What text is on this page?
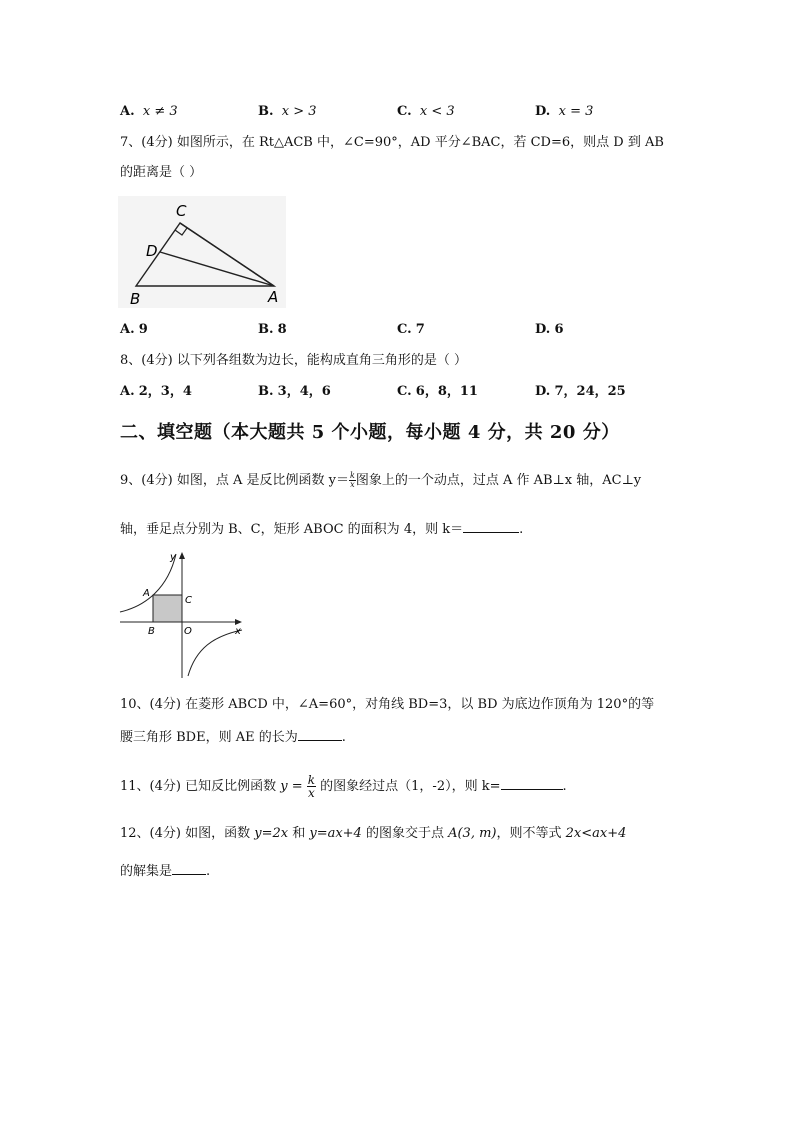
A. x ≠ 3	B. x > 3	C. x < 3	D. x = 3
7、(4分) 如图所示，在 Rt△ACB 中，∠C=90°，AD 平分∠BAC，若 CD=6，则点 D 到 AB
的距离是（ ）
C
D
B	A
A. 9	B. 8	C. 7	D. 6
8、(4分) 以下列各组数为边长，能构成直角三角形的是（ ）
A. 2，3，4	B. 3，4，6	C. 6，8，11	D. 7，24，25
二、填空题（本大题共 5 个小题，每小题 4 分，共 20 分）
9、(4分) 如图，点 A 是反比例函数 $y= \frac{k}{x}$ 图象上的一个动点，过点 A 作 AB⊥x 轴，AC⊥y
轴，垂足点分别为 B、C，矩形 ABOC 的面积为 4，则 k＝	.
y
x
A
C
B	O
10、(4分) 在菱形 ABCD 中，∠A=60°，对角线 BD=3，以 BD 为底边作顶角为 120°的等
腰三角形 BDE，则 AE 的长为	.
11、(4分) 已知反比例函数 $y = \frac{k}{x}$ 的图象经过点（1，-2），则 k=	.
12、(4分) 如图，函数 y=2x 和 y=ax+4 的图象交于点 A(3, m)，则不等式 2x<ax+4
的解集是	.
